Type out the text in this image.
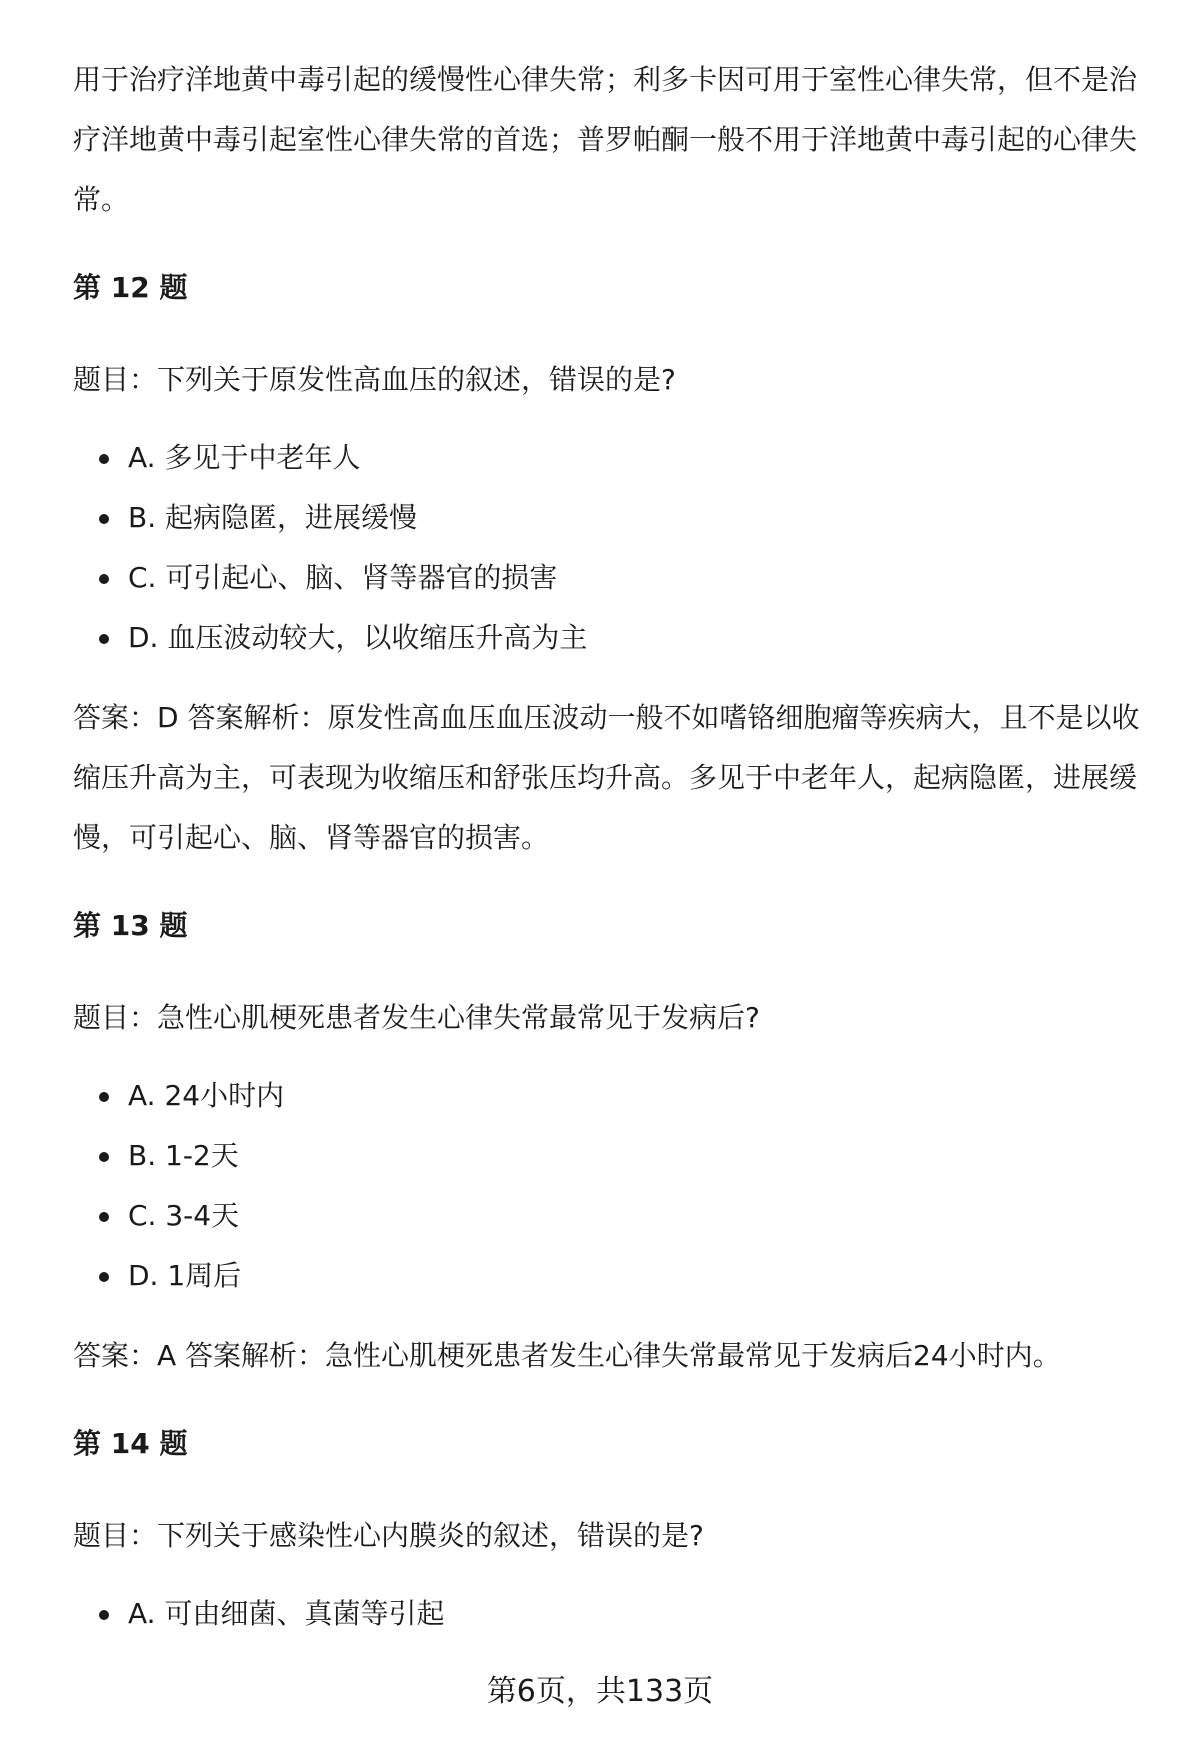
用于治疗洋地黄中毒引起的缓慢性心律失常；利多卡因可用于室性心律失常，但不是治疗洋地黄中毒引起室性心律失常的首选；普罗帕酮一般不用于洋地黄中毒引起的心律失常。

第 12 题

题目：下列关于原发性高血压的叙述，错误的是?

A. 多见于中老年人
B. 起病隐匿，进展缓慢
C. 可引起心、脑、肾等器官的损害
D. 血压波动较大，以收缩压升高为主

答案：D 答案解析：原发性高血压血压波动一般不如嗜铬细胞瘤等疾病大，且不是以收缩压升高为主，可表现为收缩压和舒张压均升高。多见于中老年人，起病隐匿，进展缓慢，可引起心、脑、肾等器官的损害。

第 13 题

题目：急性心肌梗死患者发生心律失常最常见于发病后?

A. 24小时内
B. 1-2天
C. 3-4天
D. 1周后

答案：A 答案解析：急性心肌梗死患者发生心律失常最常见于发病后24小时内。

第 14 题

题目：下列关于感染性心内膜炎的叙述，错误的是?

A. 可由细菌、真菌等引起
第6页，共133页
